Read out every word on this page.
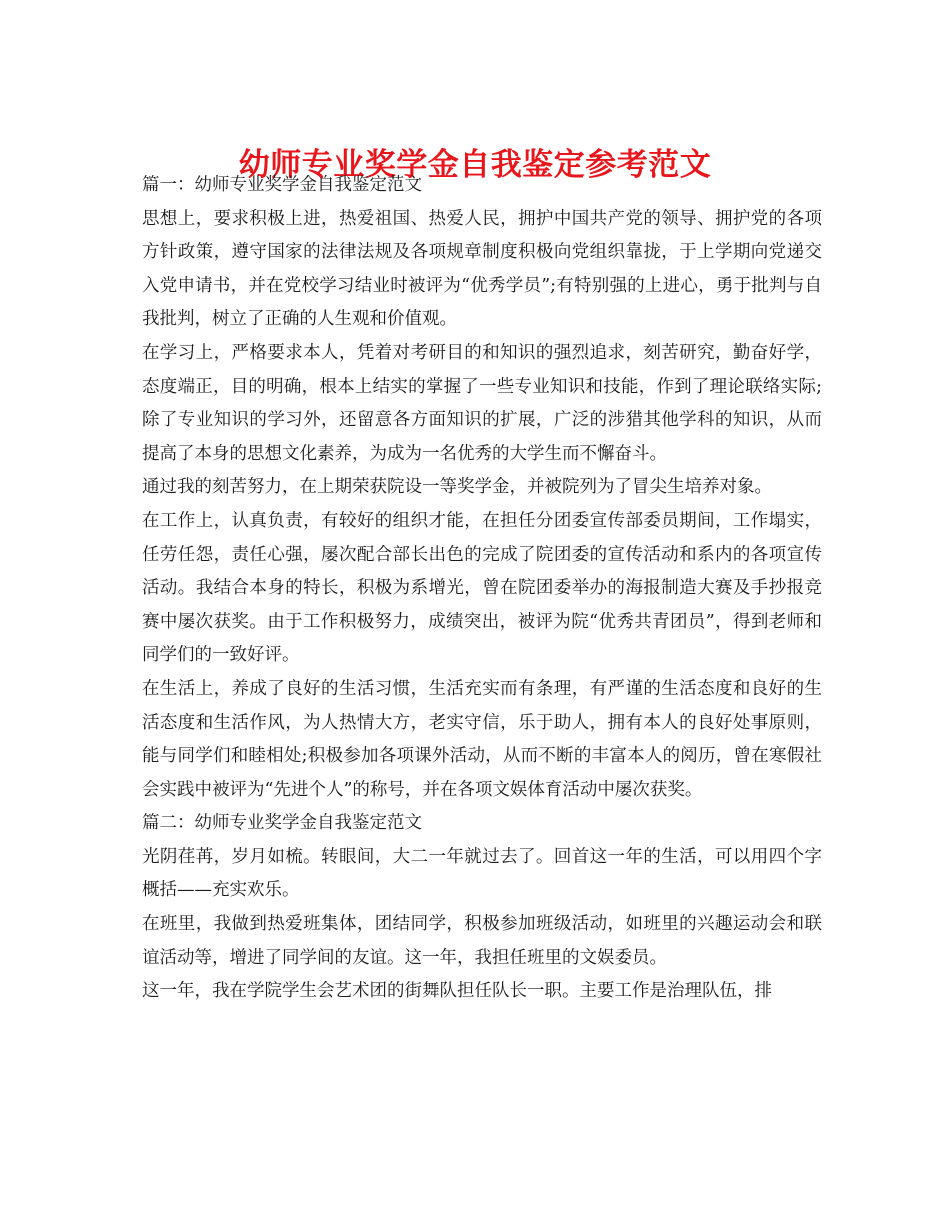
幼师专业奖学金自我鉴定参考范文

篇一：幼师专业奖学金自我鉴定范文

思想上，要求积极上进，热爱祖国、热爱人民，拥护中国共产党的领导、拥护党的各项方针政策，遵守国家的法律法规及各项规章制度积极向党组织靠拢，于上学期向党递交入党申请书，并在党校学习结业时被评为“优秀学员”;有特别强的上进心，勇于批判与自我批判，树立了正确的人生观和价值观。

在学习上，严格要求本人，凭着对考研目的和知识的强烈追求，刻苦研究，勤奋好学，态度端正，目的明确，根本上结实的掌握了一些专业知识和技能，作到了理论联络实际;除了专业知识的学习外，还留意各方面知识的扩展，广泛的涉猎其他学科的知识，从而提高了本身的思想文化素养，为成为一名优秀的大学生而不懈奋斗。

通过我的刻苦努力，在上期荣获院设一等奖学金，并被院列为了冒尖生培养对象。

在工作上，认真负责，有较好的组织才能，在担任分团委宣传部委员期间，工作塌实，任劳任怨，责任心强，屡次配合部长出色的完成了院团委的宣传活动和系内的各项宣传活动。我结合本身的特长，积极为系增光，曾在院团委举办的海报制造大赛及手抄报竞赛中屡次获奖。由于工作积极努力，成绩突出，被评为院“优秀共青团员”，得到老师和同学们的一致好评。

在生活上，养成了良好的生活习惯，生活充实而有条理，有严谨的生活态度和良好的生活态度和生活作风，为人热情大方，老实守信，乐于助人，拥有本人的良好处事原则，能与同学们和睦相处;积极参加各项课外活动，从而不断的丰富本人的阅历，曾在寒假社会实践中被评为“先进个人”的称号，并在各项文娱体育活动中屡次获奖。

篇二：幼师专业奖学金自我鉴定范文

光阴荏苒，岁月如梳。转眼间，大二一年就过去了。回首这一年的生活，可以用四个字概括——充实欢乐。

在班里，我做到热爱班集体，团结同学，积极参加班级活动，如班里的兴趣运动会和联谊活动等，增进了同学间的友谊。这一年，我担任班里的文娱委员。

这一年，我在学院学生会艺术团的街舞队担任队长一职。主要工作是治理队伍，排
